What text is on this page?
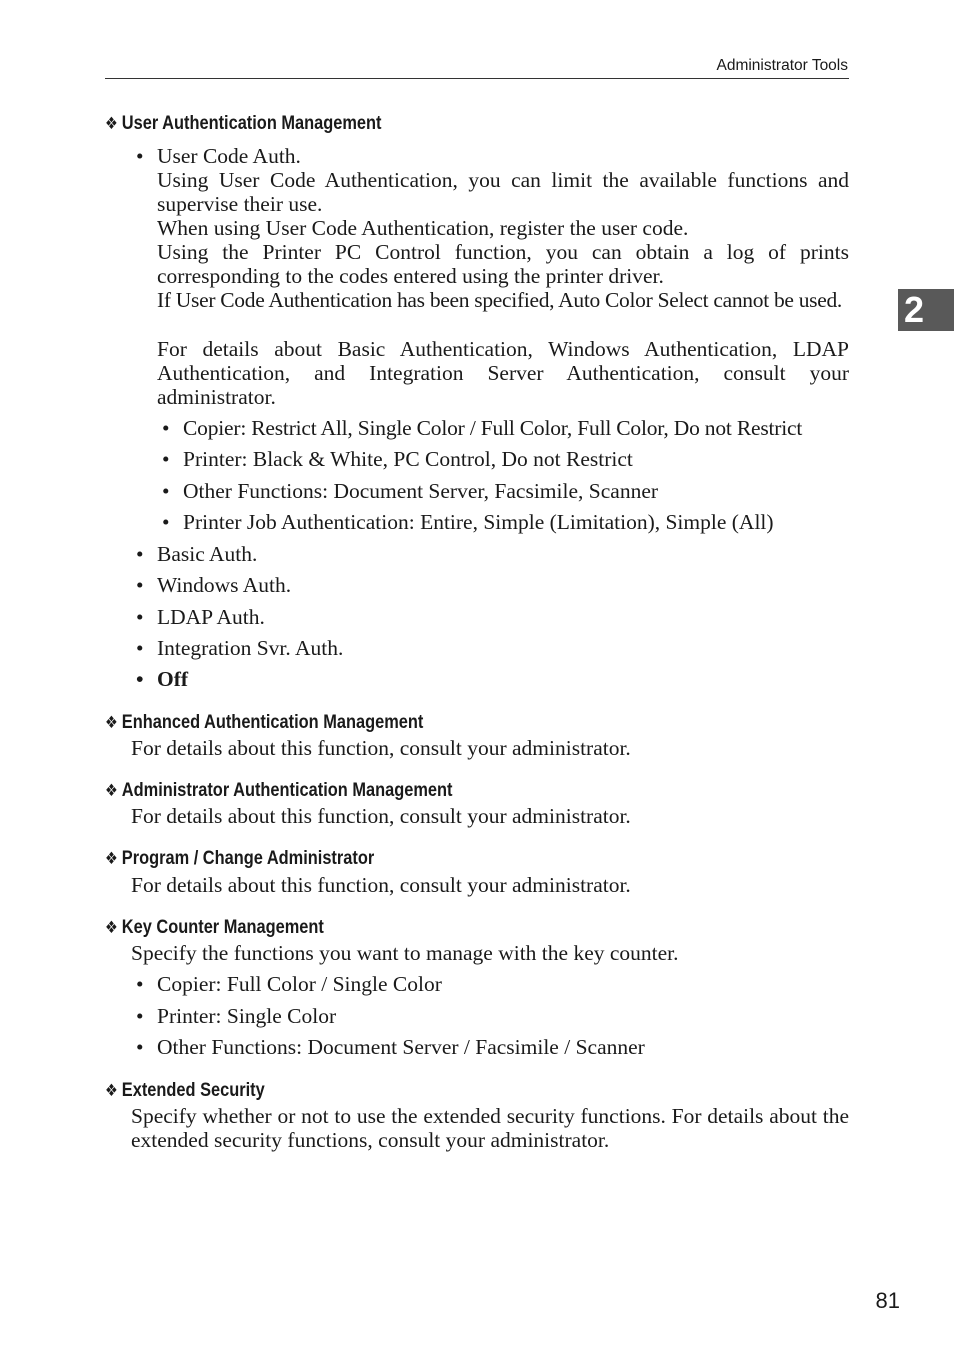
Administrator Tools
2
❖ User Authentication Management
• User Code Auth.
Using User Code Authentication, you can limit the available functions and supervise their use.
When using User Code Authentication, register the user code.
Using the Printer PC Control function, you can obtain a log of prints corresponding to the codes entered using the printer driver.
If User Code Authentication has been specified, Auto Color Select cannot be used.
For details about Basic Authentication, Windows Authentication, LDAP Authentication, and Integration Server Authentication, consult your administrator.
• Copier: Restrict All, Single Color / Full Color, Full Color, Do not Restrict
• Printer: Black & White, PC Control, Do not Restrict
• Other Functions: Document Server, Facsimile, Scanner
• Printer Job Authentication: Entire, Simple (Limitation), Simple (All)
• Basic Auth.
• Windows Auth.
• LDAP Auth.
• Integration Svr. Auth.
• Off
❖ Enhanced Authentication Management
For details about this function, consult your administrator.
❖ Administrator Authentication Management
For details about this function, consult your administrator.
❖ Program / Change Administrator
For details about this function, consult your administrator.
❖ Key Counter Management
Specify the functions you want to manage with the key counter.
• Copier: Full Color / Single Color
• Printer: Single Color
• Other Functions: Document Server / Facsimile / Scanner
❖ Extended Security
Specify whether or not to use the extended security functions. For details about the extended security functions, consult your administrator.
81
